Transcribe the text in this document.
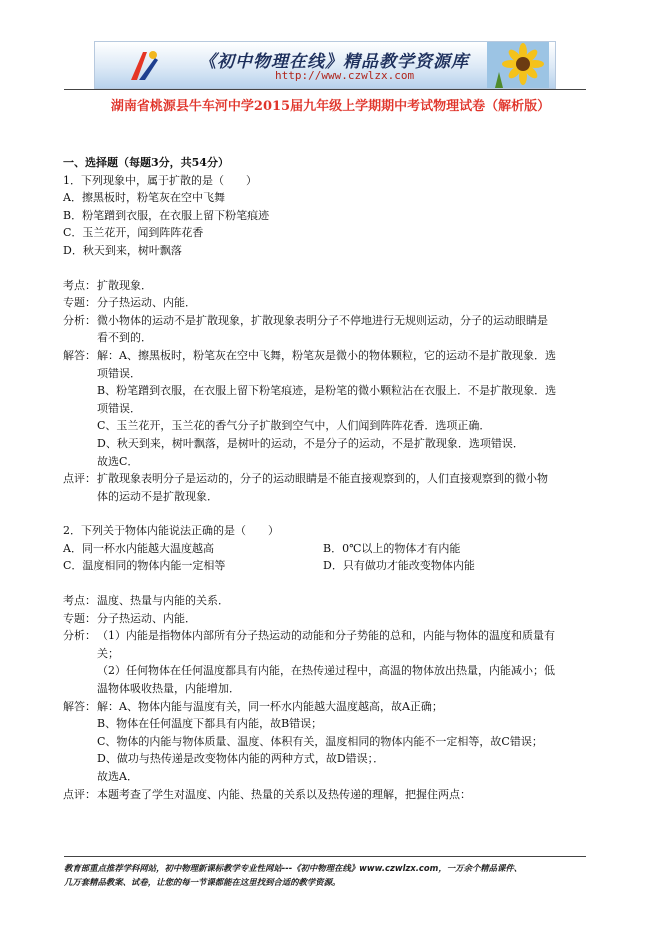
《初中物理在线》精品教学资源库
http://www.czwlzx.com
湖南省桃源县牛车河中学2015届九年级上学期期中考试物理试卷（解析版）

一、选择题（每题3分，共54分）

1．下列现象中，属于扩散的是（　　）

A．擦黑板时，粉笔灰在空中飞舞

B．粉笔蹭到衣服，在衣服上留下粉笔痕迹

C．玉兰花开，闻到阵阵花香

D．秋天到来，树叶飘落

考点： 扩散现象．
专题： 分子热运动、内能．
分析： 微小物体的运动不是扩散现象，扩散现象表明分子不停地进行无规则运动，分子的运动眼睛是

看不到的．

解答： 解：A、擦黑板时，粉笔灰在空中飞舞，粉笔灰是微小的物体颗粒，它的运动不是扩散现象．选

项错误．

B、粉笔蹭到衣服，在衣服上留下粉笔痕迹，是粉笔的微小颗粒沾在衣服上．不是扩散现象．选

项错误．

C、玉兰花开，玉兰花的香气分子扩散到空气中，人们闻到阵阵花香．选项正确．

D、秋天到来，树叶飘落，是树叶的运动，不是分子的运动，不是扩散现象．选项错误．

故选C．

点评： 扩散现象表明分子是运动的，分子的运动眼睛是不能直接观察到的，人们直接观察到的微小物

体的运动不是扩散现象．

2．下列关于物体内能说法正确的是（　　）

A．同一杯水内能越大温度越高	B．0℃以上的物体才有内能
C．温度相同的物体内能一定相等	D．只有做功才能改变物体内能
考点： 温度、热量与内能的关系．
专题： 分子热运动、内能．
分析： （1）内能是指物体内部所有分子热运动的动能和分子势能的总和，内能与物体的温度和质量有

关；

（2）任何物体在任何温度都具有内能，在热传递过程中，高温的物体放出热量，内能减小；低

温物体吸收热量，内能增加．

解答： 解：A、物体内能与温度有关，同一杯水内能越大温度越高，故A正确；

B、物体在任何温度下都具有内能，故B错误；

C、物体的内能与物体质量、温度、体积有关，温度相同的物体内能不一定相等，故C错误；

D、做功与热传递是改变物体内能的两种方式，故D错误；．

故选A．

点评： 本题考查了学生对温度、内能、热量的关系以及热传递的理解，把握住两点：

教育部重点推荐学科网站，初中物理新课标教学专业性网站---《初中物理在线》www.czwlzx.com，一万余个精品课件、

几万套精品教案、试卷，让您的每一节课都能在这里找到合适的教学资源。
